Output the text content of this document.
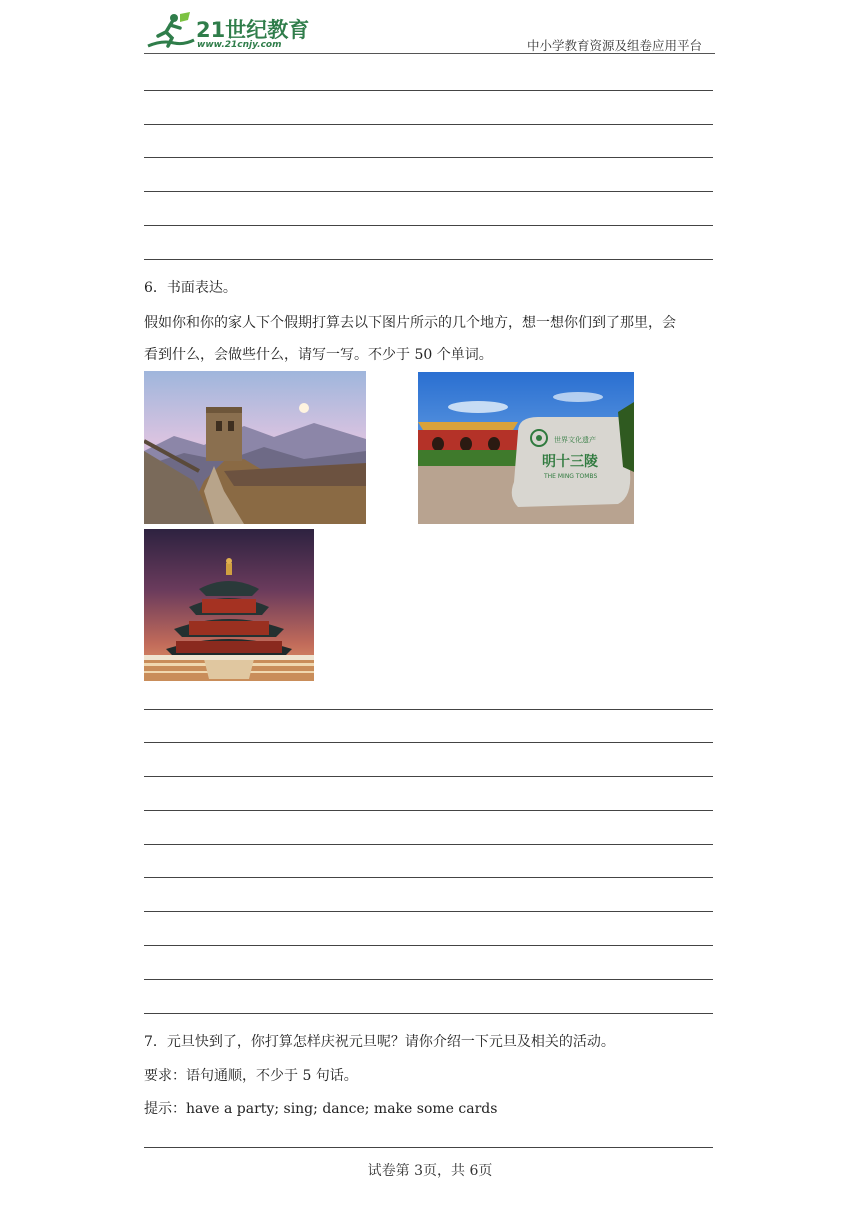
21世纪教育
www.21cnjy.com	中小学教育资源及组卷应用平台
6．书面表达。
假如你和你的家人下个假期打算去以下图片所示的几个地方，想一想你们到了那里，会
看到什么，会做些什么，请写一写。不少于 50 个单词。
世界文化遗产
明十三陵
THE MING TOMBS
7．元旦快到了，你打算怎样庆祝元旦呢？请你介绍一下元旦及相关的活动。
要求：语句通顺，不少于 5 句话。
提示：have a party; sing; dance; make some cards
试卷第 3页，共 6页
